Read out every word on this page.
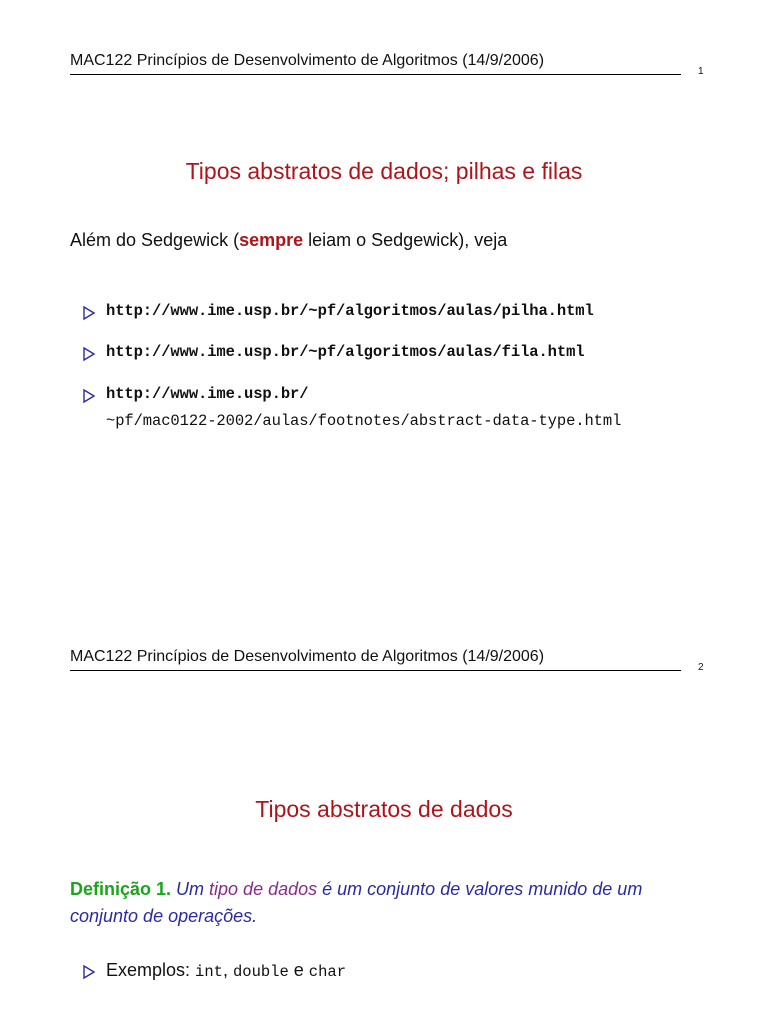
MAC122 Princípios de Desenvolvimento de Algoritmos (14/9/2006)
1
Tipos abstratos de dados; pilhas e filas
Além do Sedgewick (sempre leiam o Sedgewick), veja
http://www.ime.usp.br/~pf/algoritmos/aulas/pilha.html
http://www.ime.usp.br/~pf/algoritmos/aulas/fila.html
http://www.ime.usp.br/
~pf/mac0122-2002/aulas/footnotes/abstract-data-type.html
MAC122 Princípios de Desenvolvimento de Algoritmos (14/9/2006)
2
Tipos abstratos de dados
Definição 1. Um tipo de dados é um conjunto de valores munido de um conjunto de operações.
Exemplos: int, double e char
